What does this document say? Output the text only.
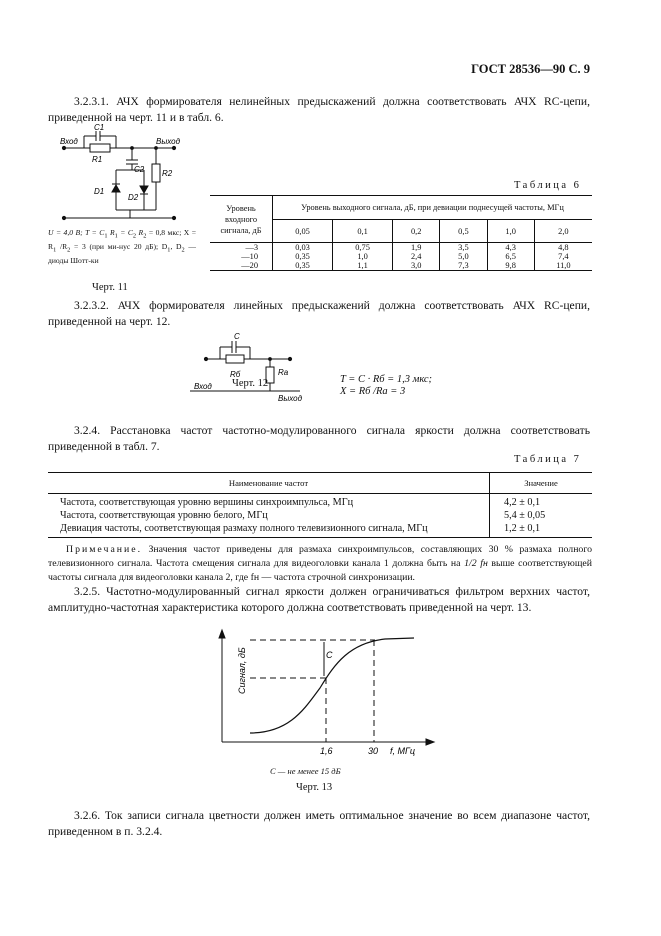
ГОСТ 28536—90 С. 9
3.2.3.1. АЧХ формирователя нелинейных предыскажений должна соответствовать АЧХ RC-цепи, приведенной на черт. 11 и в табл. 6.
Вход	Выход
C1
R1
C2 R2
D1
D2
U = 4,0 В; $T = C_1$ $R_1 = C_2$ $R_2 = 0,8$ мкс; $X = R_1$ $/R_2 = 3$ (при ми-нус 20 дБ); $D_1$, $D_2$ — диоды Шотт-ки
Черт. 11
Таблица 6
Уровень входного сигнала, дБ	Уровень выходного сигнала, дБ, при девиации поднесущей частоты, МГц					
	0,05	0,1	0,2	0,5	1,0	2,0
—3	0,03	0,75	1,9	3,5	4,3	4,8
—10	0,35	1,0	2,4	5,0	6,5	7,4
—20	0,35	1,1	3,0	7,3	9,8	11,0
3.2.3.2. АЧХ формирователя линейных предыскажений должна соответствовать АЧХ RC-цепи, приведенной на черт. 12.
C
Rб	Ra
Вход
Выход
T = C · Rб = 1,3 мкс;
X = Rб /Ra = 3
Черт. 12
3.2.4. Расстановка частот частотно-модулированного сигнала яркости должна соответствовать приведенной в табл. 7.
Таблица 7
Наименование частот	Значение
Частота, соответствующая уровню вершины синхроимпульса, МГц	4,2 ± 0,1
Частота, соответствующая уровню белого, МГц	5,4 ± 0,05
Девиация частоты, соответствующая размаху полного телевизионного сигнала, МГц	1,2 ± 0,1
Примечание. Значения частот приведены для размаха синхроимпульсов, составляющих 30 % размаха полного телевизионного сигнала. Частота смещения сигнала для видеоголовки канала 1 должна быть на 1/2 fн выше соответствующей частоты сигнала для видеоголовки канала 2, где fн — частота строчной синхронизации.
3.2.5. Частотно-модулированный сигнал яркости должен ограничиваться фильтром верхних частот, амплитудно-частотная характеристика которого должна соответствовать приведенной на черт. 13.
Сигнал, дБ	C
1,6	30 f, МГц
C — не менее 15 дБ
Черт. 13
3.2.6. Ток записи сигнала цветности должен иметь оптимальное значение во всем диапазоне частот, приведенном в п. 3.2.4.
